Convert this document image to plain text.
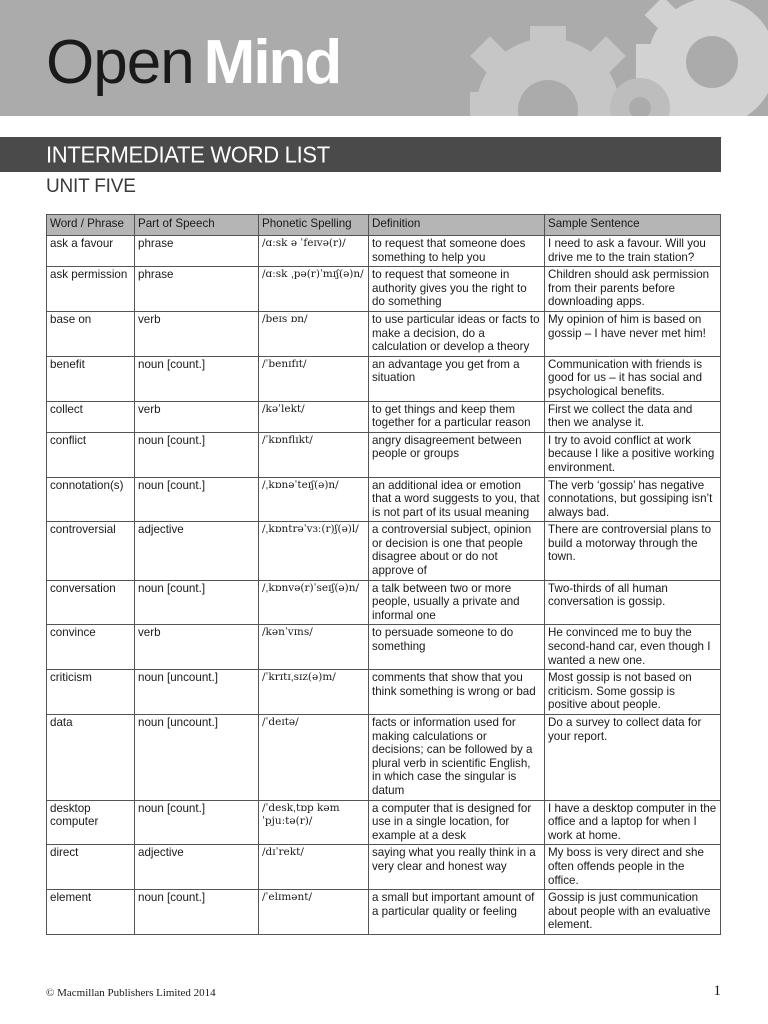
Open Mind
INTERMEDIATE WORD LIST
UNIT FIVE
Word / Phrase	Part of Speech	Phonetic Spelling	Definition	Sample Sentence
ask a favour	phrase	/ɑːsk ə ˈfeɪvə(r)/	to request that someone does something to help you	I need to ask a favour. Will you drive me to the train station?
ask permission	phrase	/ɑːsk ˌpə(r)ˈmɪʃ(ə)n/	to request that someone in authority gives you the right to do something	Children should ask permission from their parents before downloading apps.
base on	verb	/beɪs ɒn/	to use particular ideas or facts to make a decision, do a calculation or develop a theory	My opinion of him is based on gossip – I have never met him!
benefit	noun [count.]	/ˈbenɪfɪt/	an advantage you get from a situation	Communication with friends is good for us – it has social and psychological benefits.
collect	verb	/kəˈlekt/	to get things and keep them together for a particular reason	First we collect the data and then we analyse it.
conflict	noun [count.]	/ˈkɒnflɪkt/	angry disagreement between people or groups	I try to avoid conflict at work because I like a positive working environment.
connotation(s)	noun [count.]	/ˌkɒnəˈteɪʃ(ə)n/	an additional idea or emotion that a word suggests to you, that is not part of its usual meaning	The verb ‘gossip’ has negative connotations, but gossiping isn’t always bad.
controversial	adjective	/ˌkɒntrəˈvɜː(r)ʃ(ə)l/	a controversial subject, opinion or decision is one that people disagree about or do not approve of	There are controversial plans to build a motorway through the town.
conversation	noun [count.]	/ˌkɒnvə(r)ˈseɪʃ(ə)n/	a talk between two or more people, usually a private and informal one	Two-thirds of all human conversation is gossip.
convince	verb	/kənˈvɪns/	to persuade someone to do something	He convinced me to buy the second-hand car, even though I wanted a new one.
criticism	noun [uncount.]	/ˈkrɪtɪˌsɪz(ə)m/	comments that show that you think something is wrong or bad	Most gossip is not based on criticism. Some gossip is positive about people.
data	noun [uncount.]	/ˈdeɪtə/	facts or information used for making calculations or decisions; can be followed by a plural verb in scientific English, in which case the singular is datum	Do a survey to collect data for your report.
desktop computer	noun [count.]	/ˈdeskˌtɒp kəmˈpjuːtə(r)/	a computer that is designed for use in a single location, for example at a desk	I have a desktop computer in the office and a laptop for when I work at home.
direct	adjective	/dɪˈrekt/	saying what you really think in a very clear and honest way	My boss is very direct and she often offends people in the office.
element	noun [count.]	/ˈelɪmənt/	a small but important amount of a particular quality or feeling	Gossip is just communication about people with an evaluative element.
© Macmillan Publishers Limited 2014	1
